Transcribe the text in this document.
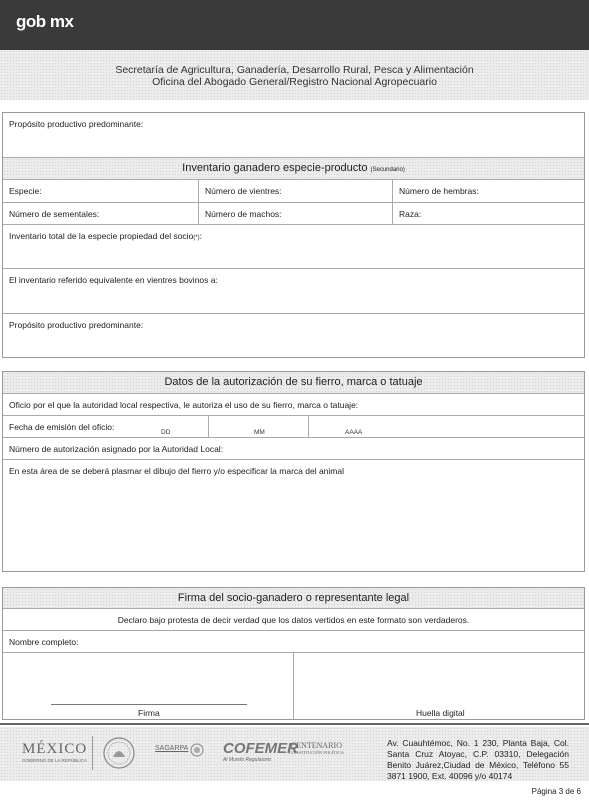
gob mx
Secretaría de Agricultura, Ganadería, Desarrollo Rural, Pesca y Alimentación
Oficina del Abogado General/Registro Nacional Agropecuario
Propósito productivo predominante:
Inventario ganadero especie-producto (Secundario)
Especie:	Número de vientres:	Número de hembras:
Número de sementales:	Número de machos:	Raza:
Inventario total de la especie propiedad del socio(*):
El inventario referido equivalente en vientres bovinos a:
Propósito productivo predominante:
Datos de la autorización de su fierro, marca o tatuaje
Oficio por el que la autoridad local respectiva, le autoriza el uso de su fierro, marca o tatuaje:
Fecha de emisión del oficio:
DD	MM	AAAA
Número de autorización asignado por la Autoridad Local:
En esta área de se deberá plasmar el dibujo del fierro y/o especificar la marca del animal
Firma del socio-ganadero o representante legal
Declaro bajo protesta de decir verdad que los datos vertidos en este formato son verdaderos.
Nombre completo:
Firma	Huella digital
MÉXICO
GOBIERNO DE LA REPÚBLICA
SAGARPA COFEMER
Al Mundo Regulatorio
CENTENARIO
CONSTITUCIÓN POLÍTICA
Av. Cuauhtémoc, No. 1 230, Planta Baja, Col. Santa Cruz Atoyac, C.P. 03310, Delegación Benito Juárez,Ciudad de México, Teléfono 55 3871 1900, Ext. 40096 y/o 40174
Página 3 de 6
